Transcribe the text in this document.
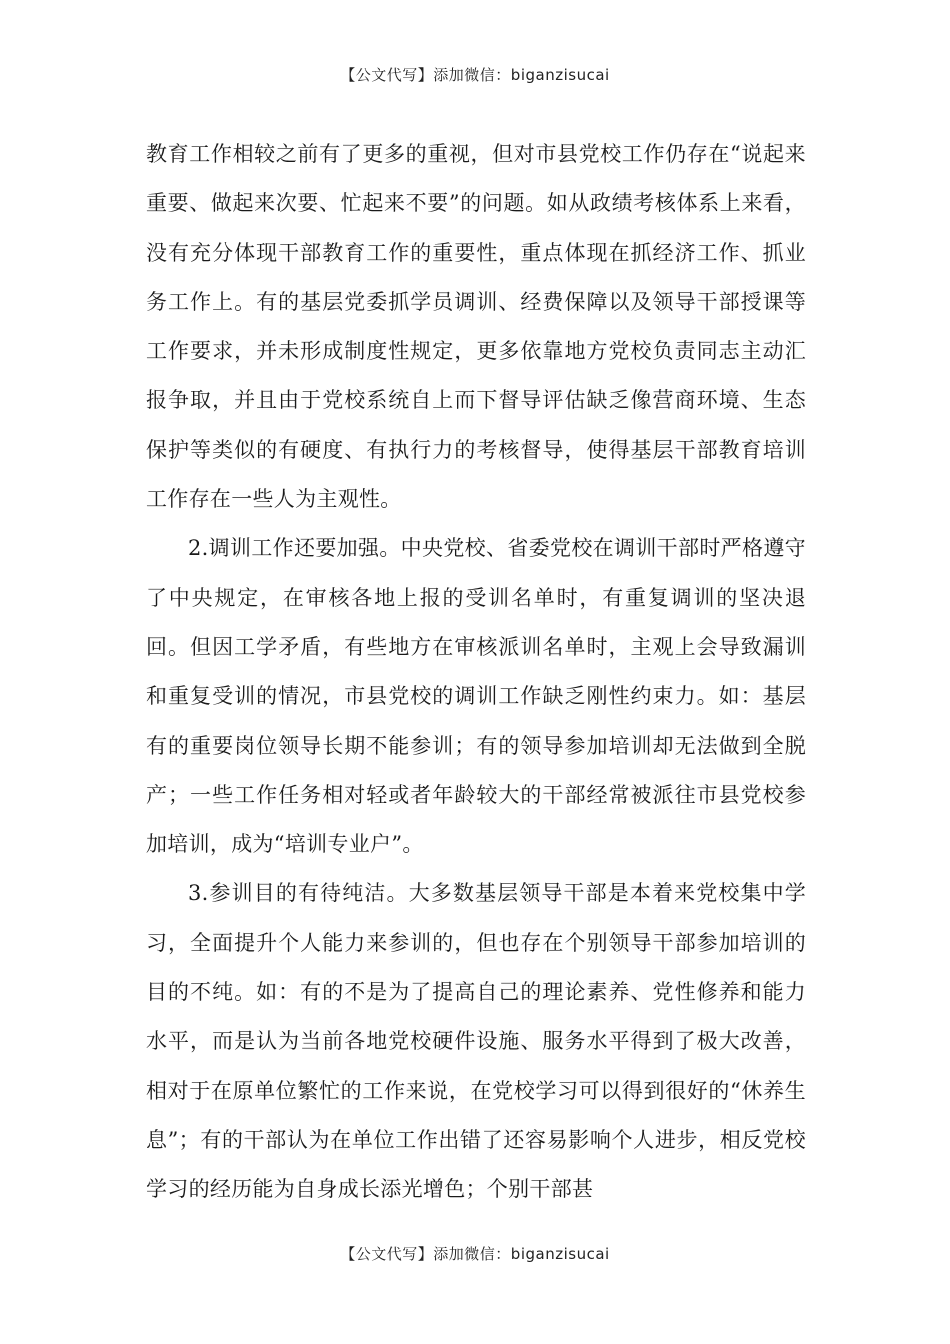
【公文代写】添加微信：biganzisucai

教育工作相较之前有了更多的重视，但对市县党校工作仍存在“说起来重要、做起来次要、忙起来不要”的问题。如从政绩考核体系上来看，没有充分体现干部教育工作的重要性，重点体现在抓经济工作、抓业务工作上。有的基层党委抓学员调训、经费保障以及领导干部授课等工作要求，并未形成制度性规定，更多依靠地方党校负责同志主动汇报争取，并且由于党校系统自上而下督导评估缺乏像营商环境、生态保护等类似的有硬度、有执行力的考核督导，使得基层干部教育培训工作存在一些人为主观性。

2.调训工作还要加强。中央党校、省委党校在调训干部时严格遵守了中央规定，在审核各地上报的受训名单时，有重复调训的坚决退回。但因工学矛盾，有些地方在审核派训名单时，主观上会导致漏训和重复受训的情况，市县党校的调训工作缺乏刚性约束力。如：基层有的重要岗位领导长期不能参训；有的领导参加培训却无法做到全脱产；一些工作任务相对轻或者年龄较大的干部经常被派往市县党校参加培训，成为“培训专业户”。

3.参训目的有待纯洁。大多数基层领导干部是本着来党校集中学习，全面提升个人能力来参训的，但也存在个别领导干部参加培训的目的不纯。如：有的不是为了提高自己的理论素养、党性修养和能力水平，而是认为当前各地党校硬件设施、服务水平得到了极大改善，相对于在原单位繁忙的工作来说，在党校学习可以得到很好的“休养生息”；有的干部认为在单位工作出错了还容易影响个人进步，相反党校学习的经历能为自身成长添光增色；个别干部甚

【公文代写】添加微信：biganzisucai
